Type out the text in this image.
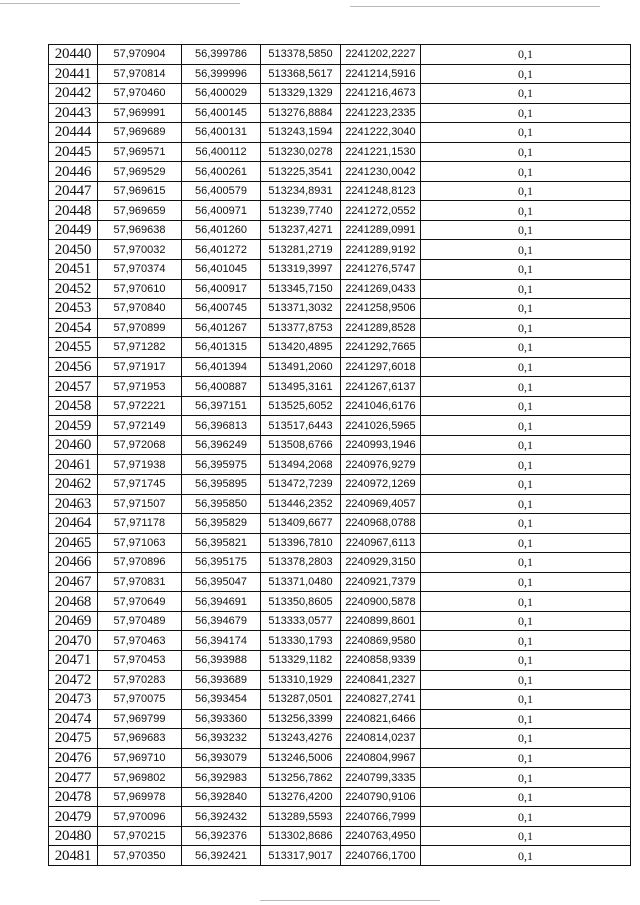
20440	57,970904	56,399786	513378,5850	2241202,2227	0,1
20441	57,970814	56,399996	513368,5617	2241214,5916	0,1
20442	57,970460	56,400029	513329,1329	2241216,4673	0,1
20443	57,969991	56,400145	513276,8884	2241223,2335	0,1
20444	57,969689	56,400131	513243,1594	2241222,3040	0,1
20445	57,969571	56,400112	513230,0278	2241221,1530	0,1
20446	57,969529	56,400261	513225,3541	2241230,0042	0,1
20447	57,969615	56,400579	513234,8931	2241248,8123	0,1
20448	57,969659	56,400971	513239,7740	2241272,0552	0,1
20449	57,969638	56,401260	513237,4271	2241289,0991	0,1
20450	57,970032	56,401272	513281,2719	2241289,9192	0,1
20451	57,970374	56,401045	513319,3997	2241276,5747	0,1
20452	57,970610	56,400917	513345,7150	2241269,0433	0,1
20453	57,970840	56,400745	513371,3032	2241258,9506	0,1
20454	57,970899	56,401267	513377,8753	2241289,8528	0,1
20455	57,971282	56,401315	513420,4895	2241292,7665	0,1
20456	57,971917	56,401394	513491,2060	2241297,6018	0,1
20457	57,971953	56,400887	513495,3161	2241267,6137	0,1
20458	57,972221	56,397151	513525,6052	2241046,6176	0,1
20459	57,972149	56,396813	513517,6443	2241026,5965	0,1
20460	57,972068	56,396249	513508,6766	2240993,1946	0,1
20461	57,971938	56,395975	513494,2068	2240976,9279	0,1
20462	57,971745	56,395895	513472,7239	2240972,1269	0,1
20463	57,971507	56,395850	513446,2352	2240969,4057	0,1
20464	57,971178	56,395829	513409,6677	2240968,0788	0,1
20465	57,971063	56,395821	513396,7810	2240967,6113	0,1
20466	57,970896	56,395175	513378,2803	2240929,3150	0,1
20467	57,970831	56,395047	513371,0480	2240921,7379	0,1
20468	57,970649	56,394691	513350,8605	2240900,5878	0,1
20469	57,970489	56,394679	513333,0577	2240899,8601	0,1
20470	57,970463	56,394174	513330,1793	2240869,9580	0,1
20471	57,970453	56,393988	513329,1182	2240858,9339	0,1
20472	57,970283	56,393689	513310,1929	2240841,2327	0,1
20473	57,970075	56,393454	513287,0501	2240827,2741	0,1
20474	57,969799	56,393360	513256,3399	2240821,6466	0,1
20475	57,969683	56,393232	513243,4276	2240814,0237	0,1
20476	57,969710	56,393079	513246,5006	2240804,9967	0,1
20477	57,969802	56,392983	513256,7862	2240799,3335	0,1
20478	57,969978	56,392840	513276,4200	2240790,9106	0,1
20479	57,970096	56,392432	513289,5593	2240766,7999	0,1
20480	57,970215	56,392376	513302,8686	2240763,4950	0,1
20481	57,970350	56,392421	513317,9017	2240766,1700	0,1
